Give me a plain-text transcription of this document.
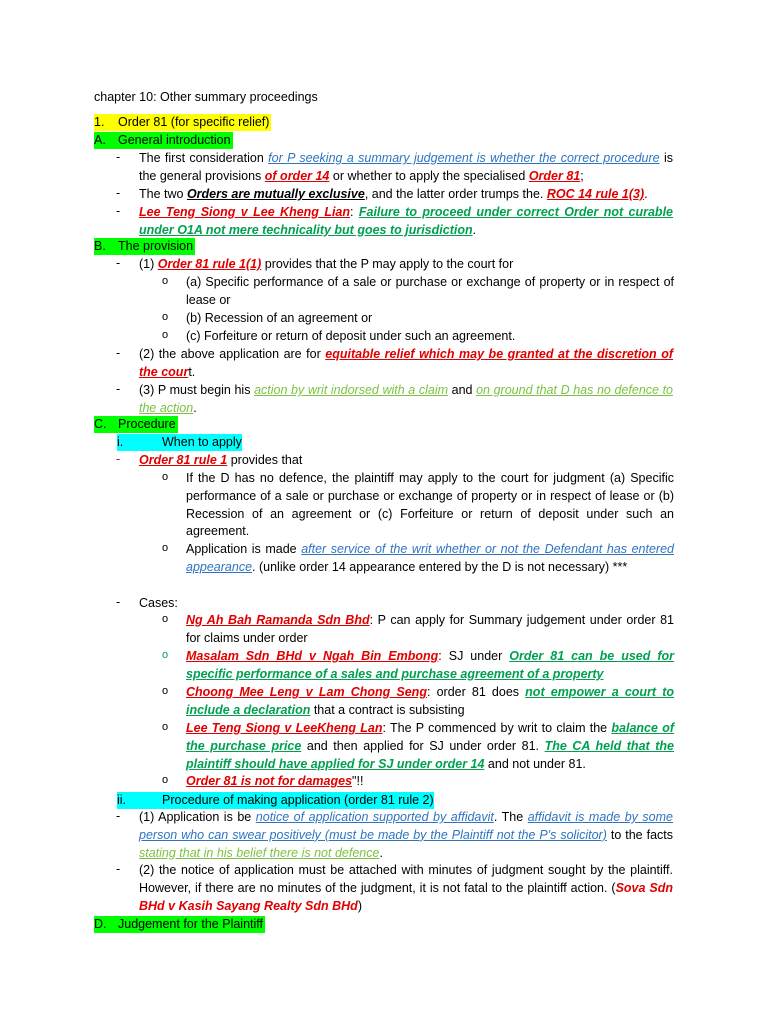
chapter 10: Other summary proceedings
1. Order 81 (for specific relief)
A. General introduction
- The first consideration for P seeking a summary judgement is whether the correct procedure is the general provisions of order 14 or whether to apply the specialised Order 81;
- The two Orders are mutually exclusive, and the latter order trumps the. ROC 14 rule 1(3).
- Lee Teng Siong v Lee Kheng Lian: Failure to proceed under correct Order not curable under O1A not mere technicality but goes to jurisdiction.
B. The provision
- (1) Order 81 rule 1(1) provides that the P may apply to the court for
o (a) Specific performance of a sale or purchase or exchange of property or in respect of lease or
o (b) Recession of an agreement or
o (c) Forfeiture or return of deposit under such an agreement.
- (2) the above application are for equitable relief which may be granted at the discretion of the court.
- (3) P must begin his action by writ indorsed with a claim and on ground that D has no defence to the action.
C. Procedure
i.	When to apply
- Order 81 rule 1 provides that
o If the D has no defence, the plaintiff may apply to the court for judgment (a) Specific performance of a sale or purchase or exchange of property or in respect of lease or (b) Recession of an agreement or (c) Forfeiture or return of deposit under such an agreement.
o Application is made after service of the writ whether or not the Defendant has entered appearance. (unlike order 14 appearance entered by the D is not necessary) ***
- Cases:
o Ng Ah Bah Ramanda Sdn Bhd: P can apply for Summary judgement under order 81 for claims under order
o Masalam Sdn BHd v Ngah Bin Embong: SJ under Order 81 can be used for specific performance of a sales and purchase agreement of a property
o Choong Mee Leng v Lam Chong Seng: order 81 does not empower a court to include a declaration that a contract is subsisting
o Lee Teng Siong v LeeKheng Lan: The P commenced by writ to claim the balance of the purchase price and then applied for SJ under order 81. The CA held that the plaintiff should have applied for SJ under order 14 and not under 81.
o Order 81 is not for damages"!!
ii.	Procedure of making application (order 81 rule 2)
- (1) Application is be notice of application supported by affidavit. The affidavit is made by some person who can swear positively (must be made by the Plaintiff not the P's solicitor) to the facts stating that in his belief there is not defence.
- (2) the notice of application must be attached with minutes of judgment sought by the plaintiff. However, if there are no minutes of the judgment, it is not fatal to the plaintiff action. (Sova Sdn BHd v Kasih Sayang Realty Sdn BHd)
D. Judgement for the Plaintiff
